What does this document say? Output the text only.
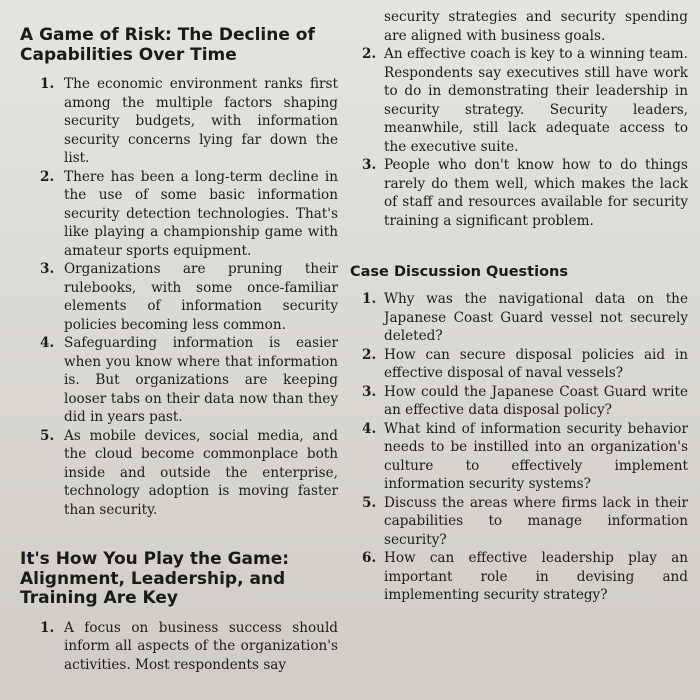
A Game of Risk: The Decline of Capabilities Over Time
1. The economic environment ranks first among the multiple factors shaping security budgets, with information security concerns lying far down the list.
2. There has been a long-term decline in the use of some basic information security detection technologies. That's like playing a championship game with amateur sports equipment.
3. Organizations are pruning their rulebooks, with some once-familiar elements of information security policies becoming less common.
4. Safeguarding information is easier when you know where that information is. But organizations are keeping looser tabs on their data now than they did in years past.
5. As mobile devices, social media, and the cloud become commonplace both inside and outside the enterprise, technology adoption is moving faster than security.
It's How You Play the Game: Alignment, Leadership, and Training Are Key
1. A focus on business success should inform all aspects of the organization's activities. Most respondents say
security strategies and security spending are aligned with business goals.
2. An effective coach is key to a winning team. Respondents say executives still have work to do in demonstrating their leadership in security strategy. Security leaders, meanwhile, still lack adequate access to the executive suite.
3. People who don't know how to do things rarely do them well, which makes the lack of staff and resources available for security training a significant problem.
Case Discussion Questions
1. Why was the navigational data on the Japanese Coast Guard vessel not securely deleted?
2. How can secure disposal policies aid in effective disposal of naval vessels?
3. How could the Japanese Coast Guard write an effective data disposal policy?
4. What kind of information security behavior needs to be instilled into an organization's culture to effectively implement information security systems?
5. Discuss the areas where firms lack in their capabilities to manage information security?
6. How can effective leadership play an important role in devising and implementing security strategy?
